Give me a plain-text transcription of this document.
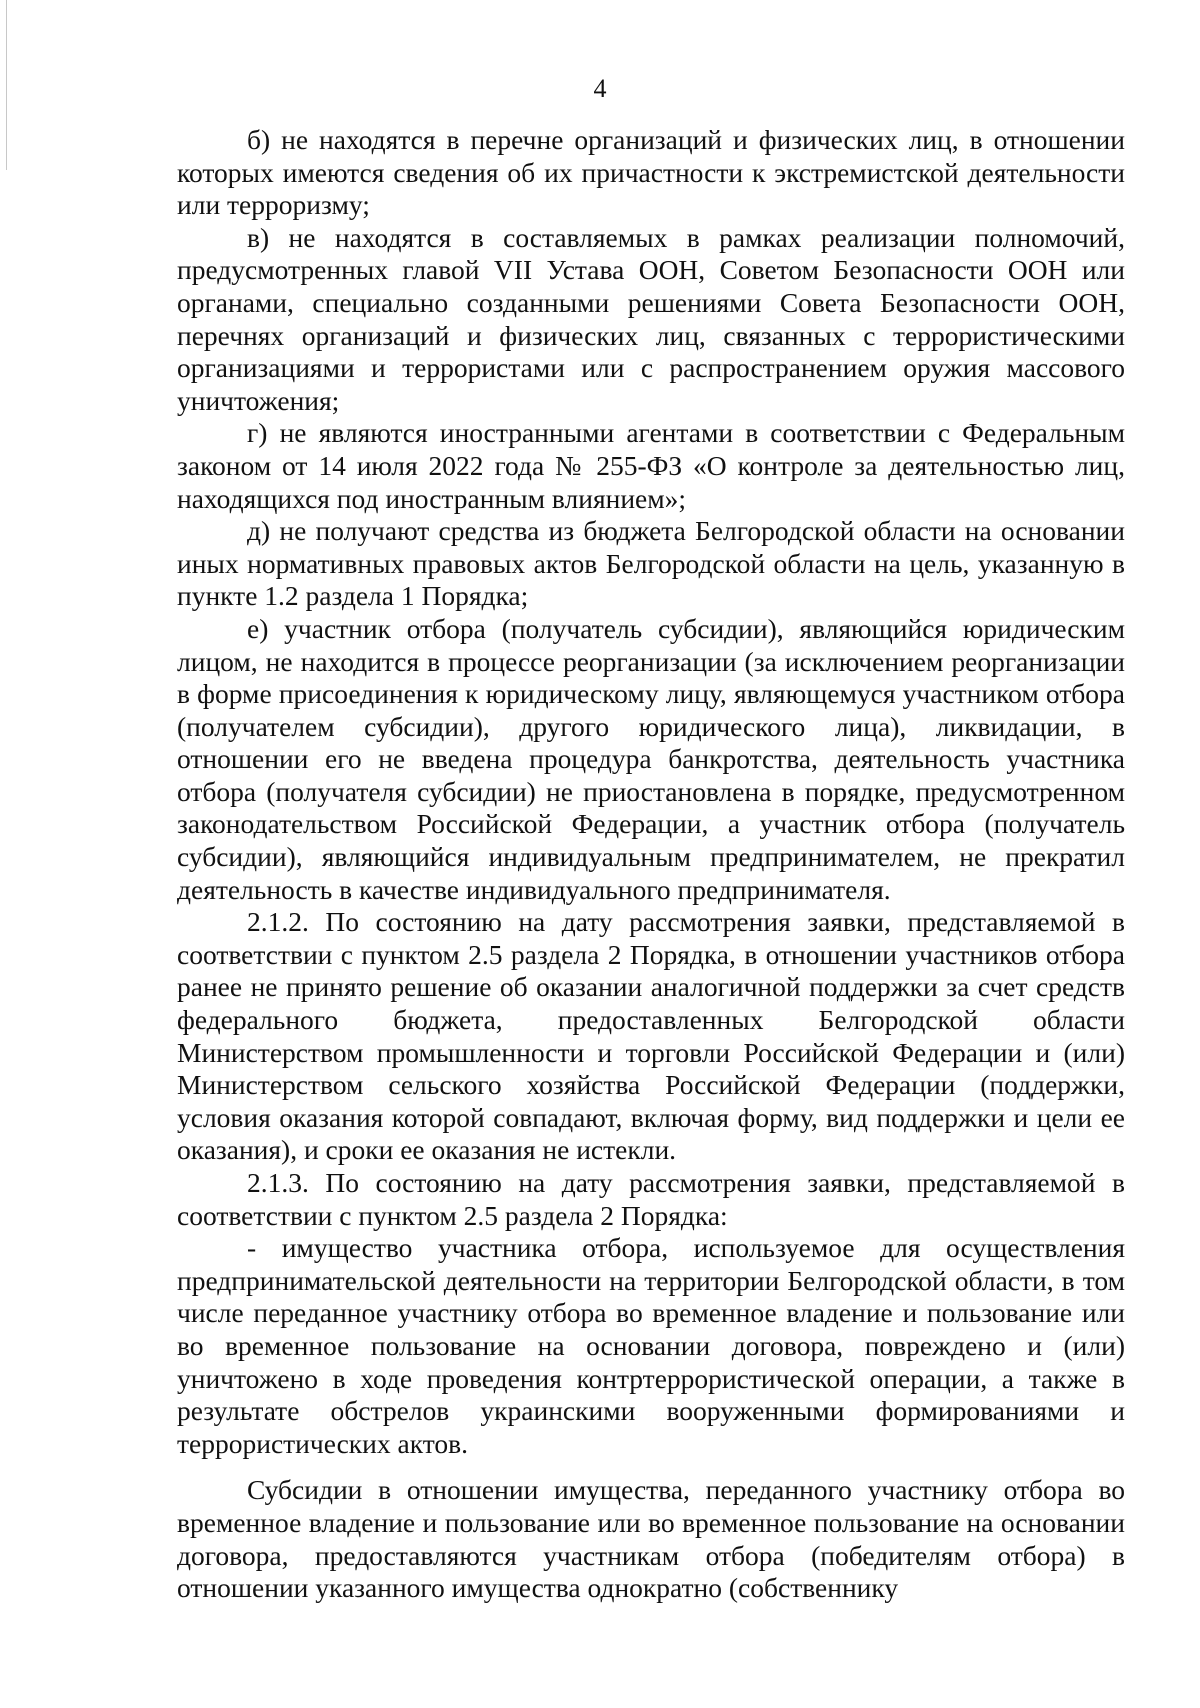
4

б) не находятся в перечне организаций и физических лиц, в отношении которых имеются сведения об их причастности к экстремистской деятельности или терроризму;

в) не находятся в составляемых в рамках реализации полномочий, предусмотренных главой VII Устава ООН, Советом Безопасности ООН или органами, специально созданными решениями Совета Безопасности ООН, перечнях организаций и физических лиц, связанных с террористическими организациями и террористами или с распространением оружия массового уничтожения;

г) не являются иностранными агентами в соответствии с Федеральным законом от 14 июля 2022 года № 255-ФЗ «О контроле за деятельностью лиц, находящихся под иностранным влиянием»;

д) не получают средства из бюджета Белгородской области на основании иных нормативных правовых актов Белгородской области на цель, указанную в пункте 1.2 раздела 1 Порядка;

е) участник отбора (получатель субсидии), являющийся юридическим лицом, не находится в процессе реорганизации (за исключением реорганизации в форме присоединения к юридическому лицу, являющемуся участником отбора (получателем субсидии), другого юридического лица), ликвидации, в отношении его не введена процедура банкротства, деятельность участника отбора (получателя субсидии) не приостановлена в порядке, предусмотренном законодательством Российской Федерации, а участник отбора (получатель субсидии), являющийся индивидуальным предпринимателем, не прекратил деятельность в качестве индивидуального предпринимателя.

2.1.2. По состоянию на дату рассмотрения заявки, представляемой в соответствии с пунктом 2.5 раздела 2 Порядка, в отношении участников отбора ранее не принято решение об оказании аналогичной поддержки за счет средств федерального бюджета, предоставленных Белгородской области Министерством промышленности и торговли Российской Федерации и (или) Министерством сельского хозяйства Российской Федерации (поддержки, условия оказания которой совпадают, включая форму, вид поддержки и цели ее оказания), и сроки ее оказания не истекли.

2.1.3. По состоянию на дату рассмотрения заявки, представляемой в соответствии с пунктом 2.5 раздела 2 Порядка:

- имущество участника отбора, используемое для осуществления предпринимательской деятельности на территории Белгородской области, в том числе переданное участнику отбора во временное владение и пользование или во временное пользование на основании договора, повреждено и (или) уничтожено в ходе проведения контртеррористической операции, а также в результате обстрелов украинскими вооруженными формированиями и террористических актов.

Субсидии в отношении имущества, переданного участнику отбора во временное владение и пользование или во временное пользование на основании договора, предоставляются участникам отбора (победителям отбора) в отношении указанного имущества однократно (собственнику
